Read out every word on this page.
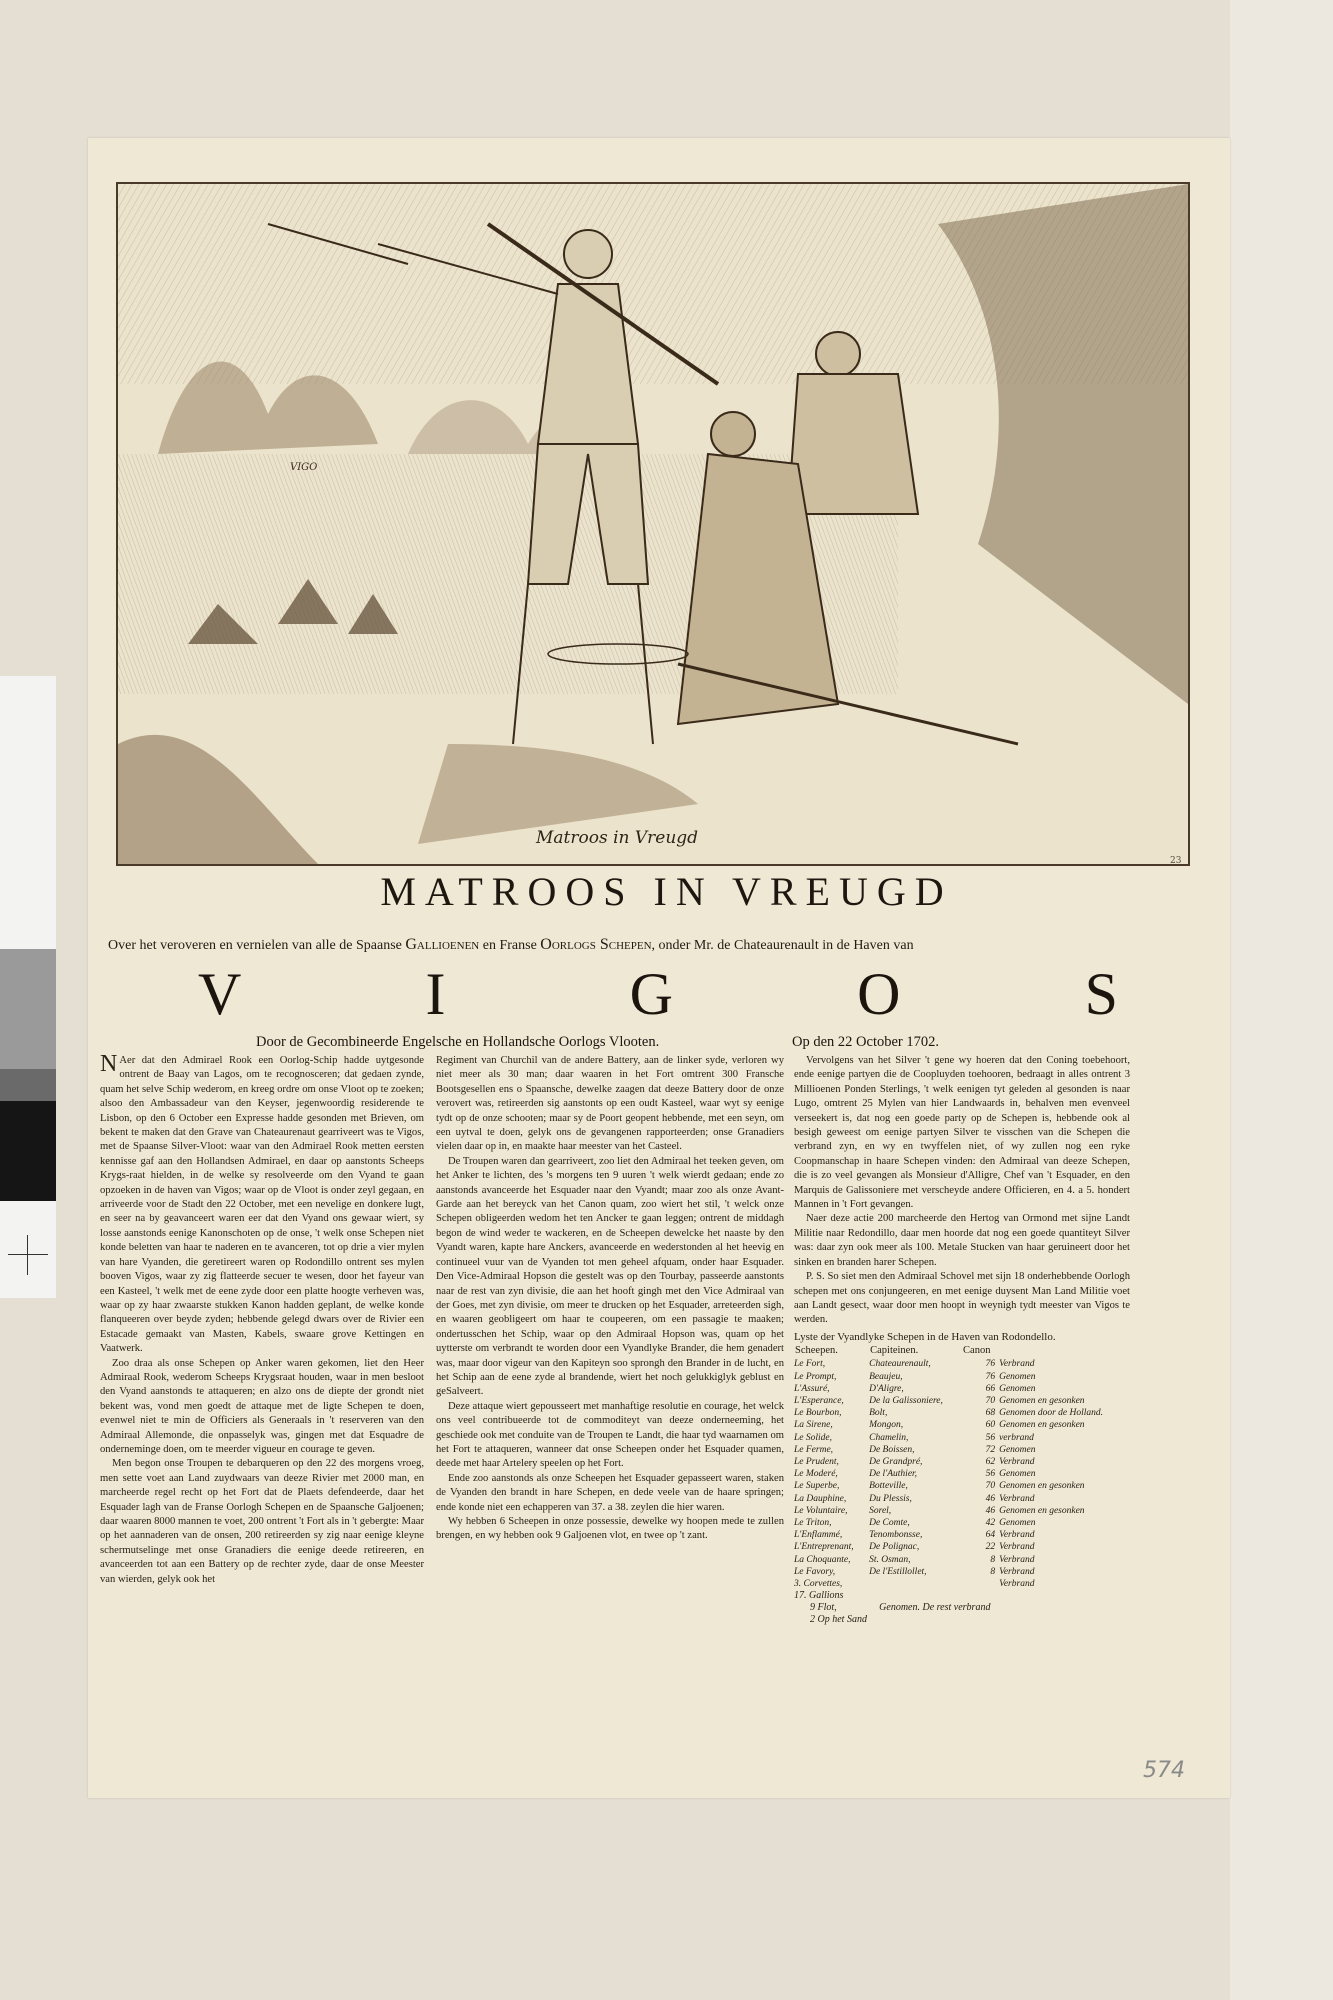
VIGO
Matroos in Vreugd
23
MATROOS IN VREUGD
Over het veroveren en vernielen van alle de Spaanse Gallioenen en Franse Oorlogs Schepen, onder Mr. de Chateaurenault in de Haven van
V	I	G	O	S
Door de Gecombineerde Engelsche en Hollandsche Oorlogs Vlooten.	Op den 22 October 1702.

N Aer dat den Admirael Rook een Oorlog-Schip hadde uytgesonde ontrent de Baay van Lagos, om te recognosceren; dat gedaen zynde, quam het selve Schip wederom, en kreeg ordre om onse Vloot op te zoeken; alsoo den Ambassadeur van den Keyser, jegenwoordig residerende te Lisbon, op den 6 October een Expresse hadde gesonden met Brieven, om bekent te maken dat den Grave van Chateaurenaut gearriveert was te Vigos, met de Spaanse Silver-Vloot: waar van den Admirael Rook metten eersten kennisse gaf aan den Hollandsen Admirael, en daar op aanstonts Scheeps Krygs-raat hielden, in de welke sy resolveerde om den Vyand te gaan opzoeken in de haven van Vigos; waar op de Vloot is onder zeyl gegaan, en arriveerde voor de Stadt den 22 October, met een nevelige en donkere lugt, en seer na by geavanceert waren eer dat den Vyand ons gewaar wiert, sy losse aanstonds eenige Kanonschoten op de onse, 't welk onse Schepen niet konde beletten van haar te naderen en te avanceren, tot op drie a vier mylen van hare Vyanden, die geretireert waren op Rodondillo ontrent ses mylen booven Vigos, waar zy zig flatteerde secuer te wesen, door het fayeur van een Kasteel, 't welk met de eene zyde door een platte hoogte verheven was, waar op zy haar zwaarste stukken Kanon hadden geplant, de welke konde flanqueeren over beyde zyden; hebbende gelegd dwars over de Rivier een Estacade gemaakt van Masten, Kabels, swaare grove Kettingen en Vaatwerk.

Zoo draa als onse Schepen op Anker waren gekomen, liet den Heer Admiraal Rook, wederom Scheeps Krygsraat houden, waar in men besloot den Vyand aanstonds te attaqueren; en alzo ons de diepte der grondt niet bekent was, vond men goedt de attaque met de ligte Schepen te doen, evenwel niet te min de Officiers als Generaals in 't reserveren van den Admiraal Allemonde, die onpasselyk was, gingen met dat Esquadre de onderneminge doen, om te meerder vigueur en courage te geven.

Men begon onse Troupen te debarqueren op den 22 des morgens vroeg, men sette voet aan Land zuydwaars van deeze Rivier met 2000 man, en marcheerde regel recht op het Fort dat de Plaets defendeerde, daar het Esquader lagh van de Franse Oorlogh Schepen en de Spaansche Galjoenen; daar waaren 8000 mannen te voet, 200 ontrent 't Fort als in 't gebergte: Maar op het aannaderen van de onsen, 200 retireerden sy zig naar eenige kleyne schermutselinge met onse Granadiers die eenige deede retireeren, en avanceerden tot aan een Battery op de rechter zyde, daar de onse Meester van wierden, gelyk ook het

Regiment van Churchil van de andere Battery, aan de linker syde, verloren wy niet meer als 30 man; daar waaren in het Fort omtrent 300 Fransche Bootsgesellen ens o Spaansche, dewelke zaagen dat deeze Battery door de onze verovert was, retireerden sig aanstonts op een oudt Kasteel, waar wyt sy eenige tydt op de onze schooten; maar sy de Poort geopent hebbende, met een seyn, om een uytval te doen, gelyk ons de gevangenen rapporteerden; onse Granadiers vielen daar op in, en maakte haar meester van het Casteel.

De Troupen waren dan gearriveert, zoo liet den Admiraal het teeken geven, om het Anker te lichten, des 's morgens ten 9 uuren 't welk wierdt gedaan; ende zo aanstonds avanceerde het Esquader naar den Vyandt; maar zoo als onze Avant-Garde aan het bereyck van het Canon quam, zoo wiert het stil, 't welck onze Schepen obligeerden wedom het ten Ancker te gaan leggen; ontrent de middagh begon de wind weder te wackeren, en de Scheepen dewelcke het naaste by den Vyandt waren, kapte hare Anckers, avanceerde en wederstonden al het heevig en continueel vuur van de Vyanden tot men geheel afquam, onder haar Esquader. Den Vice-Admiraal Hopson die gestelt was op den Tourbay, passeerde aanstonts naar de rest van zyn divisie, die aan het hooft gingh met den Vice Admiraal van der Goes, met zyn divisie, om meer te drucken op het Esquader, arreteerden sigh, en waaren geobligeert om haar te coupeeren, om een passagie te maaken; ondertusschen het Schip, waar op den Admiraal Hopson was, quam op het uytterste om verbrandt te worden door een Vyandlyke Brander, die hem genadert was, maar door vigeur van den Kapiteyn soo sprongh den Brander in de lucht, en het Schip aan de eene zyde al brandende, wiert het noch gelukkiglyk geblust en geSalveert.

Deze attaque wiert gepousseert met manhaftige resolutie en courage, het welck ons veel contribueerde tot de commoditeyt van deeze onderneeming, het geschiede ook met conduite van de Troupen te Landt, die haar tyd waarnamen om het Fort te attaqueren, wanneer dat onse Scheepen onder het Esquader quamen, deede met haar Artelery speelen op het Fort.

Ende zoo aanstonds als onze Scheepen het Esquader gepasseert waren, staken de Vyanden den brandt in hare Schepen, en dede veele van de haare springen; ende konde niet een echapperen van 37. a 38. zeylen die hier waren.

Wy hebben 6 Scheepen in onze possessie, dewelke wy hoopen mede te zullen brengen, en wy hebben ook 9 Galjoenen vlot, en twee op 't zant.

Vervolgens van het Silver 't gene wy hoeren dat den Coning toebehoort, ende eenige partyen die de Coopluyden toehooren, bedraagt in alles ontrent 3 Millioenen Ponden Sterlings, 't welk eenigen tyt geleden al gesonden is naar Lugo, omtrent 25 Mylen van hier Landwaards in, behalven men evenveel verseekert is, dat nog een goede party op de Schepen is, hebbende ook al besigh geweest om eenige partyen Silver te visschen van die Schepen die verbrand zyn, en wy en twyffelen niet, of wy zullen nog een ryke Coopmanschap in haare Schepen vinden: den Admiraal van deeze Schepen, die is zo veel gevangen als Monsieur d'Alligre, Chef van 't Esquader, en den Marquis de Galissoniere met verscheyde andere Officieren, en 4. a 5. hondert Mannen in 't Fort gevangen.

Naer deze actie 200 marcheerde den Hertog van Ormond met sijne Landt Militie naar Redondillo, daar men hoorde dat nog een goede quantiteyt Silver was: daar zyn ook meer als 100. Metale Stucken van haar geruineert door het sinken en branden harer Schepen.

P. S. So siet men den Admiraal Schovel met sijn 18 onderhebbende Oorlogh schepen met ons conjungeeren, en met eenige duysent Man Land Militie voet aan Landt gesect, waar door men hoopt in weynigh tydt meester van Vigos te werden.

Lyste der Vyandlyke Schepen in de Haven van Rodondello.
Scheepen.	Capiteinen.	Canon	
Le Fort,	Chateaurenault,	76	Verbrand
Le Prompt,	Beaujeu,	76	Genomen
L'Assuré,	D'Aligre,	66	Genomen
L'Esperance,	De la Galissoniere,	70	Genomen en gesonken
Le Bourbon,	Bolt,	68	Genomen door de Holland.
La Sirene,	Mongon,	60	Genomen en gesonken
Le Solide,	Chamelin,	56	verbrand
Le Ferme,	De Boissen,	72	Genomen
Le Prudent,	De Grandpré,	62	Verbrand
Le Moderé,	De l'Authier,	56	Genomen
Le Superbe,	Botteville,	70	Genomen en gesonken
La Dauphine,	Du Plessis,	46	Verbrand
Le Voluntaire,	Sorel,	46	Genomen en gesonken
Le Triton,	De Comte,	42	Genomen
L'Enflammé,	Tenombonsse,	64	Verbrand
L'Entreprenant,	De Polignac,	22	Verbrand
La Choquante,	St. Osman,	8	Verbrand
Le Favory,	De l'Estillollet,	8	Verbrand
3. Corvettes,			Verbrand
17. Gallions
9 Flot,	Genomen. De rest verbrand
2 Op het Sand
574
